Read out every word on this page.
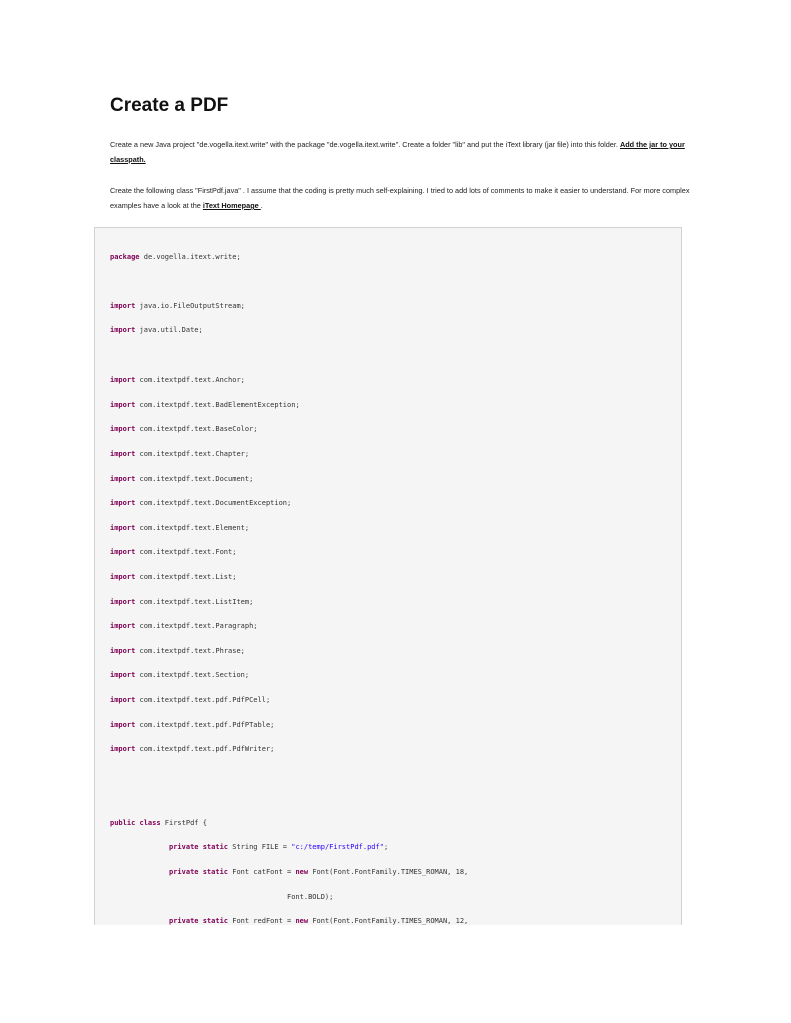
Create a PDF

Create a new Java project "de.vogella.itext.write" with the package "de.vogella.itext.write". Create a folder "lib" and put the iText library (jar file) into this folder. Add the jar to your classpath.

Create the following class "FirstPdf.java" . I assume that the coding is pretty much self-explaining. I tried to add lots of comments to make it easier to understand. For more complex examples have a look at the iText Homepage .

package de.vogella.itext.write;
import java.io.FileOutputStream;
import java.util.Date;
import com.itextpdf.text.Anchor;
import com.itextpdf.text.BadElementException;
import com.itextpdf.text.BaseColor;
import com.itextpdf.text.Chapter;
import com.itextpdf.text.Document;
import com.itextpdf.text.DocumentException;
import com.itextpdf.text.Element;
import com.itextpdf.text.Font;
import com.itextpdf.text.List;
import com.itextpdf.text.ListItem;
import com.itextpdf.text.Paragraph;
import com.itextpdf.text.Phrase;
import com.itextpdf.text.Section;
import com.itextpdf.text.pdf.PdfPCell;
import com.itextpdf.text.pdf.PdfPTable;
import com.itextpdf.text.pdf.PdfWriter;
public class FirstPdf {
private static String FILE = "c:/temp/FirstPdf.pdf";
private static Font catFont = new Font(Font.FontFamily.TIMES_ROMAN, 18,
Font.BOLD);
private static Font redFont = new Font(Font.FontFamily.TIMES_ROMAN, 12,
